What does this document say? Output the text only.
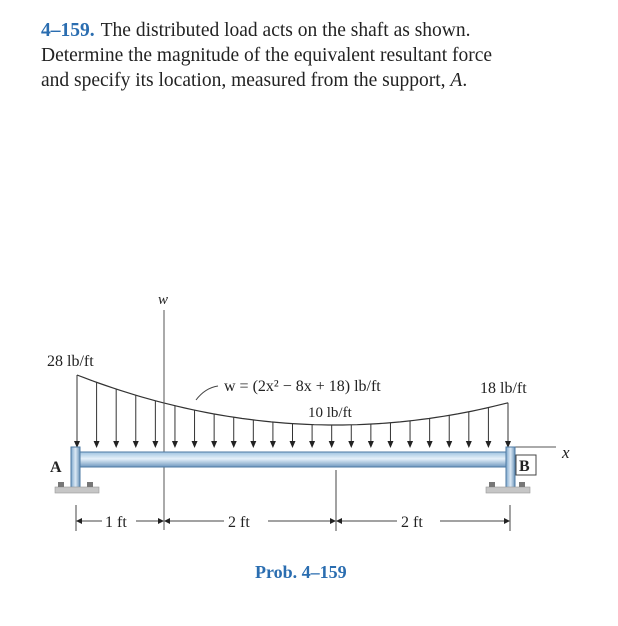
4–159. The distributed load acts on the shaft as shown.
Determine the magnitude of the equivalent resultant force
and specify its location, measured from the support, A.
w
x
A	B
28 lb/ft
18 lb/ft
10 lb/ft
w = (2x² − 8x + 18) lb/ft
1 ft	2 ft	2 ft
Prob. 4–159
